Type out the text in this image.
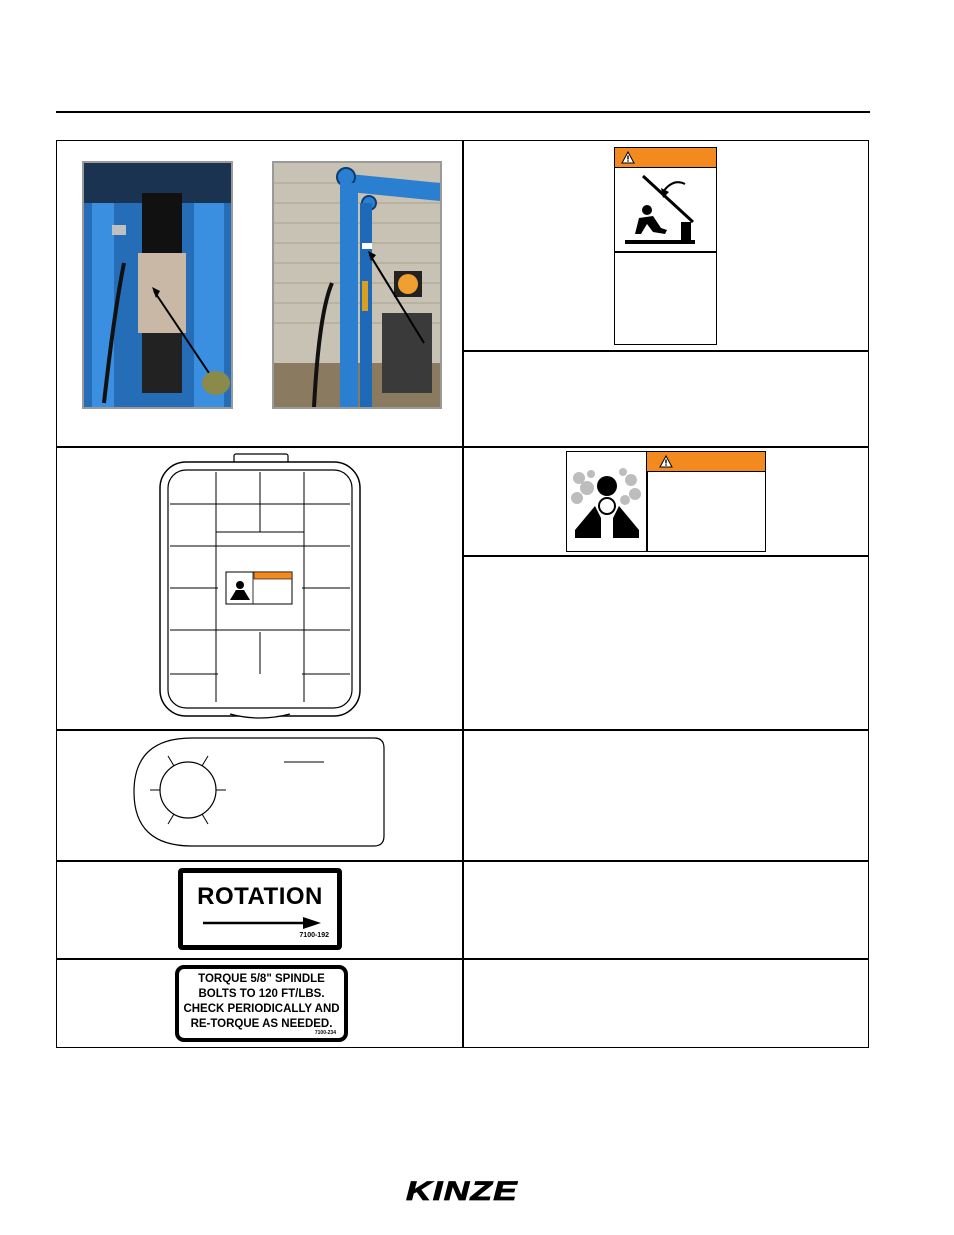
ROTATION
7100-192
TORQUE 5/8" SPINDLE
BOLTS TO 120 FT/LBS.
CHECK PERIODICALLY AND
RE-TORQUE AS NEEDED.
7100-234
KINZE
